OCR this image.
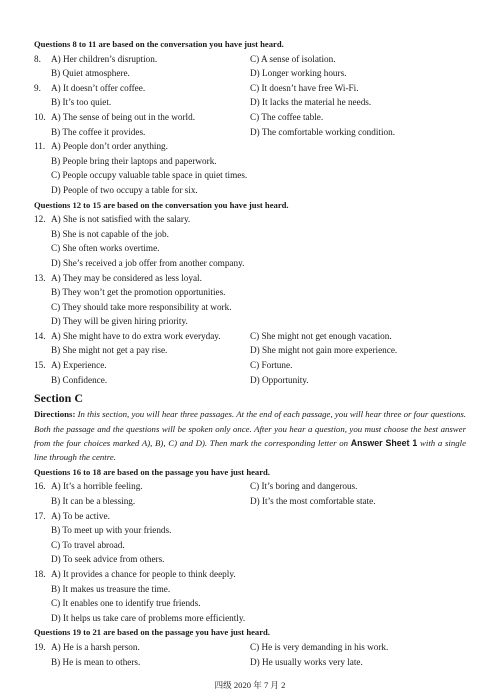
Questions 8 to 11 are based on the conversation you have just heard.
8. A) Her children’s disruption.	C) A sense of isolation.
B) Quiet atmosphere.	D) Longer working hours.
9. A) It doesn’t offer coffee.	C) It doesn’t have free Wi-Fi.
B) It’s too quiet.	D) It lacks the material he needs.
10. A) The sense of being out in the world.	C) The coffee table.
B) The coffee it provides.	D) The comfortable working condition.
11. A) People don’t order anything.
B) People bring their laptops and paperwork.
C) People occupy valuable table space in quiet times.
D) People of two occupy a table for six.
Questions 12 to 15 are based on the conversation you have just heard.
12. A) She is not satisfied with the salary.
B) She is not capable of the job.
C) She often works overtime.
D) She’s received a job offer from another company.
13. A) They may be considered as less loyal.
B) They won’t get the promotion opportunities.
C) They should take more responsibility at work.
D) They will be given hiring priority.
14. A) She might have to do extra work everyday.	C) She might not get enough vacation.
B) She might not get a pay rise.	D) She might not gain more experience.
15. A) Experience.	C) Fortune.
B) Confidence.	D) Opportunity.
Section C
Directions: In this section, you will hear three passages. At the end of each passage, you will hear three or four questions. Both the passage and the questions will be spoken only once. After you hear a question, you must choose the best answer from the four choices marked A), B), C) and D). Then mark the corresponding letter on Answer Sheet 1 with a single line through the centre.
Questions 16 to 18 are based on the passage you have just heard.
16. A) It’s a horrible feeling.	C) It’s boring and dangerous.
B) It can be a blessing.	D) It’s the most comfortable state.
17. A) To be active.
B) To meet up with your friends.
C) To travel abroad.
D) To seek advice from others.
18. A) It provides a chance for people to think deeply.
B) It makes us treasure the time.
C) It enables one to identify true friends.
D) It helps us take care of problems more efficiently.
Questions 19 to 21 are based on the passage you have just heard.
19. A) He is a harsh person.	C) He is very demanding in his work.
B) He is mean to others.	D) He usually works very late.
四级 2020 年 7 月 2
